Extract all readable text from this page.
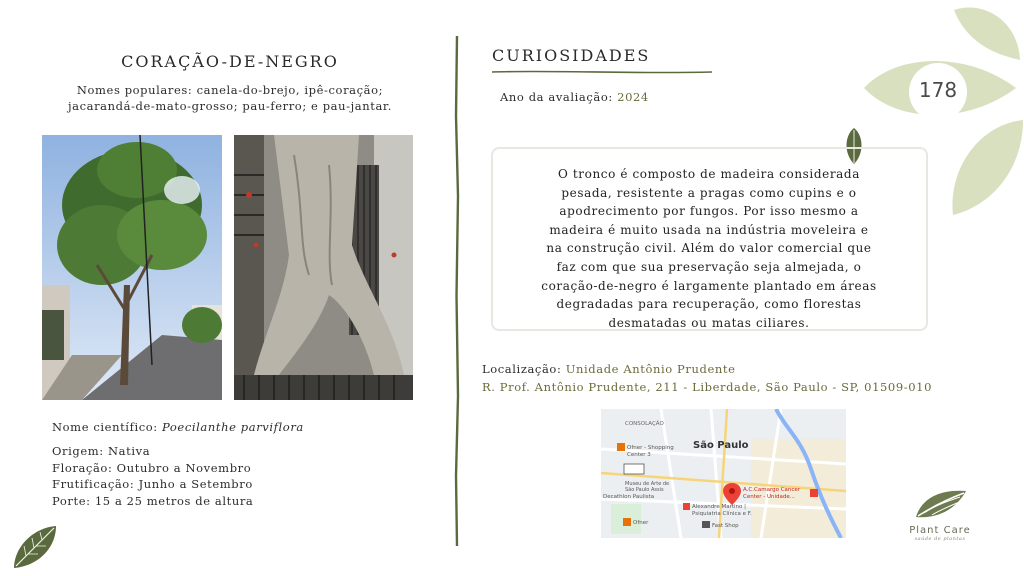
178
CORAÇÃO-DE-NEGRO
Nomes populares: canela-do-brejo, ipê-coração;
jacarandá-de-mato-grosso; pau-ferro; e pau-jantar.
Nome científico: Poecilanthe parviflora
Origem: Nativa
Floração: Outubro a Novembro
Frutificação: Junho a Setembro
Porte: 15 a 25 metros de altura
CURIOSIDADES
Ano da avaliação: 2024
O tronco é composto de madeira considerada
pesada, resistente a pragas como cupins e o
apodrecimento por fungos. Por isso mesmo a
madeira é muito usada na indústria moveleira e
na construção civil. Além do valor comercial que
faz com que sua preservação seja almejada, o
coração-de-negro é largamente plantado em áreas
degradadas para recuperação, como florestas
desmatadas ou matas ciliares.
Localização: Unidade Antônio Prudente
R. Prof. Antônio Prudente, 211 - Liberdade, São Paulo - SP, 01509-010
CONSOLAÇÃO
São Paulo
Ofner - Shopping
Center 3
Museu de Arte de
São Paulo Assis
Decathlon Paulista
Alexandre Martino |
Psiquiatria Clínica e F.
A.C.Camargo Cancer
Center - Unidade...
Ofner	Fast Shop	Plant Care
saúde de plantas
